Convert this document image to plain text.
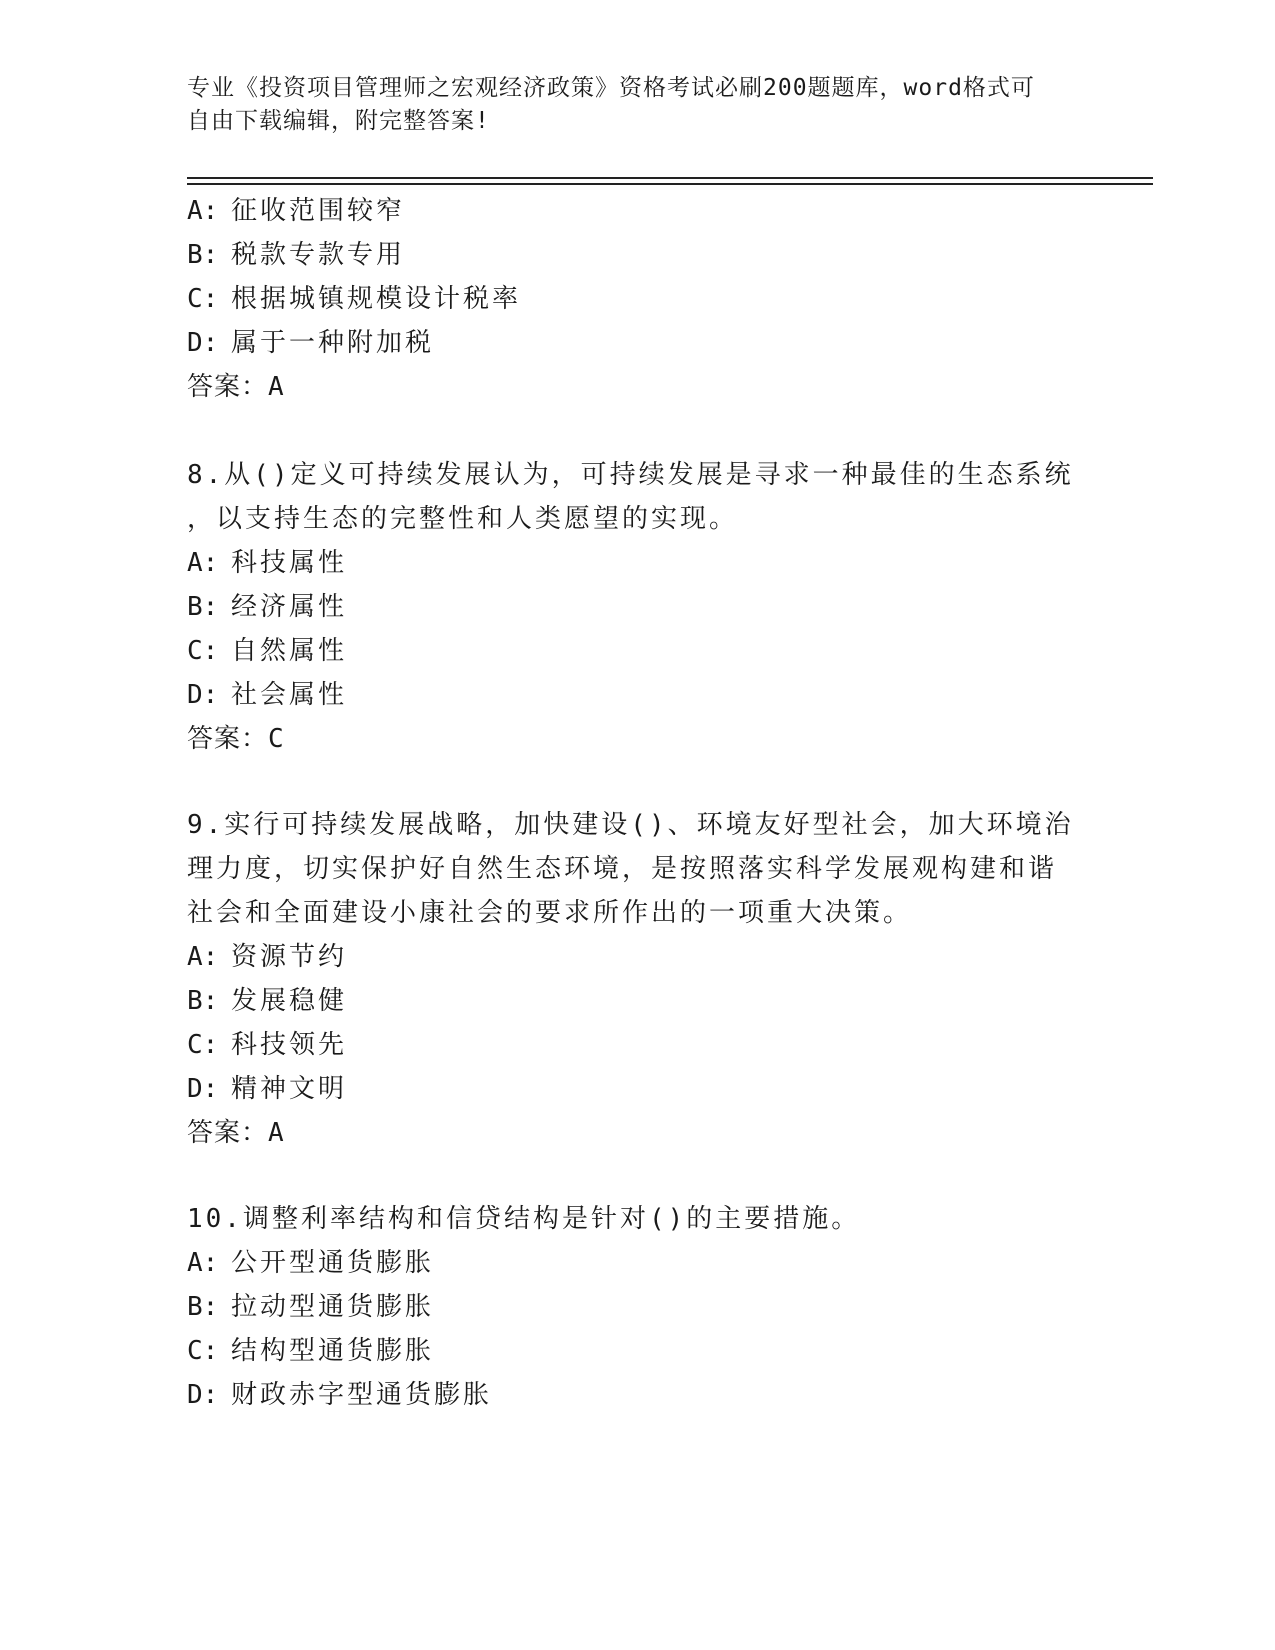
专业《投资项目管理师之宏观经济政策》资格考试必刷200题题库，word格式可
自由下载编辑，附完整答案!
A: 征收范围较窄
B: 税款专款专用
C: 根据城镇规模设计税率
D: 属于一种附加税
答案：A
8.从()定义可持续发展认为，可持续发展是寻求一种最佳的生态系统
，以支持生态的完整性和人类愿望的实现。
A: 科技属性
B: 经济属性
C: 自然属性
D: 社会属性
答案：C
9.实行可持续发展战略，加快建设()、环境友好型社会，加大环境治
理力度，切实保护好自然生态环境，是按照落实科学发展观构建和谐
社会和全面建设小康社会的要求所作出的一项重大决策。
A: 资源节约
B: 发展稳健
C: 科技领先
D: 精神文明
答案：A
10.调整利率结构和信贷结构是针对()的主要措施。
A: 公开型通货膨胀
B: 拉动型通货膨胀
C: 结构型通货膨胀
D: 财政赤字型通货膨胀
